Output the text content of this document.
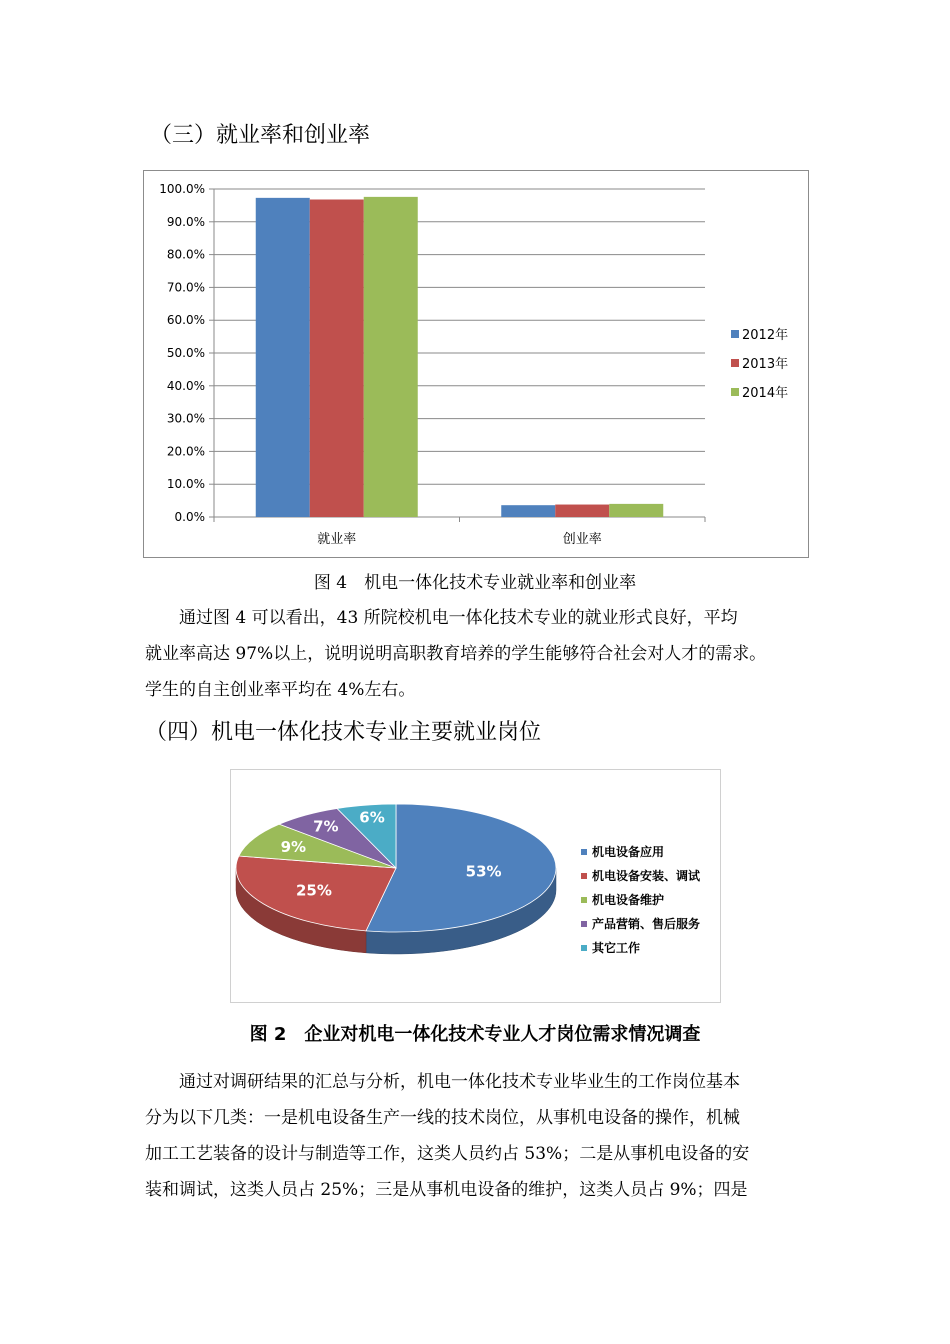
（三）就业率和创业率
0.0%
10.0%
20.0%
30.0%
40.0%
50.0%
60.0%
70.0%
80.0%
90.0%
100.0%
就业率	创业率
2012年
2013年
2014年
图 4　机电一体化技术专业就业率和创业率

通过图 4 可以看出，43 所院校机电一体化技术专业的就业形式良好，平均

就业率高达 97%以上，说明说明高职教育培养的学生能够符合社会对人才的需求。

学生的自主创业率平均在 4%左右。

（四）机电一体化技术专业主要就业岗位
53%
25%
9%
7%
6%
机电设备应用
机电设备安装、调试
机电设备维护
产品营销、售后服务
其它工作
图 2　企业对机电一体化技术专业人才岗位需求情况调查

通过对调研结果的汇总与分析，机电一体化技术专业毕业生的工作岗位基本

分为以下几类：一是机电设备生产一线的技术岗位，从事机电设备的操作，机械

加工工艺装备的设计与制造等工作，这类人员约占 53%；二是从事机电设备的安

装和调试，这类人员占 25%；三是从事机电设备的维护，这类人员占 9%；四是
